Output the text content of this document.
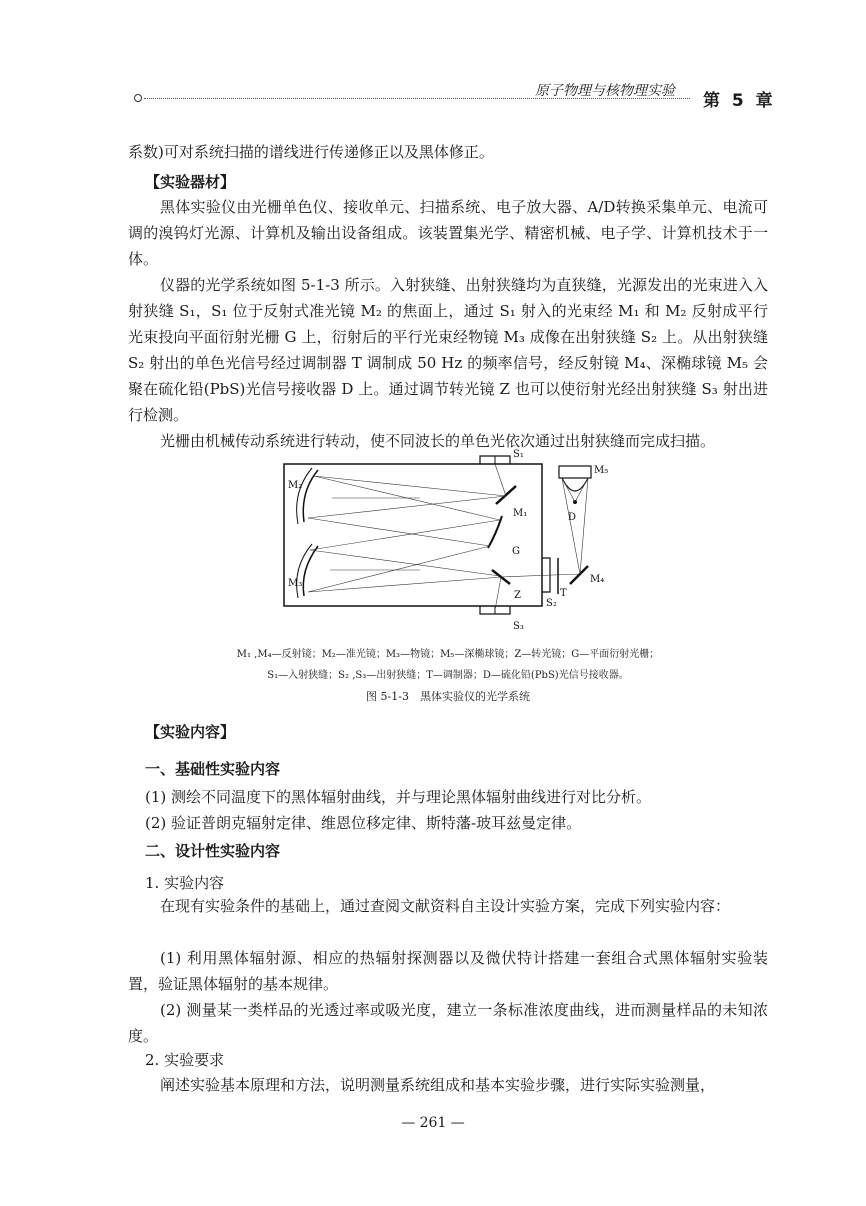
原子物理与核物理实验 第 5 章
系数)可对系统扫描的谱线进行传递修正以及黑体修正。
【实验器材】
黑体实验仪由光栅单色仪、接收单元、扫描系统、电子放大器、A/D转换采集单元、电流可调的溴钨灯光源、计算机及输出设备组成。该装置集光学、精密机械、电子学、计算机技术于一体。
仪器的光学系统如图 5-1-3 所示。入射狭缝、出射狭缝均为直狭缝，光源发出的光束进入入射狭缝 S₁，S₁ 位于反射式准光镜 M₂ 的焦面上，通过 S₁ 射入的光束经 M₁ 和 M₂ 反射成平行光束投向平面衍射光栅 G 上，衍射后的平行光束经物镜 M₃ 成像在出射狭缝 S₂ 上。从出射狭缝 S₂ 射出的单色光信号经过调制器 T 调制成 50 Hz 的频率信号，经反射镜 M₄、深椭球镜 M₅ 会聚在硫化铅(PbS)光信号接收器 D 上。通过调节转光镜 Z 也可以使衍射光经出射狭缝 S₃ 射出进行检测。
光栅由机械传动系统进行转动，使不同波长的单色光依次通过出射狭缝而完成扫描。
S₁
M₅
M₂
M₁	D
G
M₃	M₄
T
Z
S₂
S₃
M₁ ,M₄—反射镜；M₂—准光镜；M₃—物镜；M₅—深椭球镜；Z—转光镜；G—平面衍射光栅；
S₁—入射狭缝；S₂ ,S₃—出射狭缝；T—调制器；D—硫化铅(PbS)光信号接收器。
图 5-1-3　黑体实验仪的光学系统
【实验内容】
一、基础性实验内容
(1) 测绘不同温度下的黑体辐射曲线，并与理论黑体辐射曲线进行对比分析。
(2) 验证普朗克辐射定律、维恩位移定律、斯特藩-玻耳兹曼定律。
二、设计性实验内容
1. 实验内容
在现有实验条件的基础上，通过查阅文献资料自主设计实验方案，完成下列实验内容：
(1) 利用黑体辐射源、相应的热辐射探测器以及微伏特计搭建一套组合式黑体辐射实验装置，验证黑体辐射的基本规律。
(2) 测量某一类样品的光透过率或吸光度，建立一条标准浓度曲线，进而测量样品的未知浓度。
2. 实验要求
阐述实验基本原理和方法，说明测量系统组成和基本实验步骤，进行实际实验测量，
— 261 —
